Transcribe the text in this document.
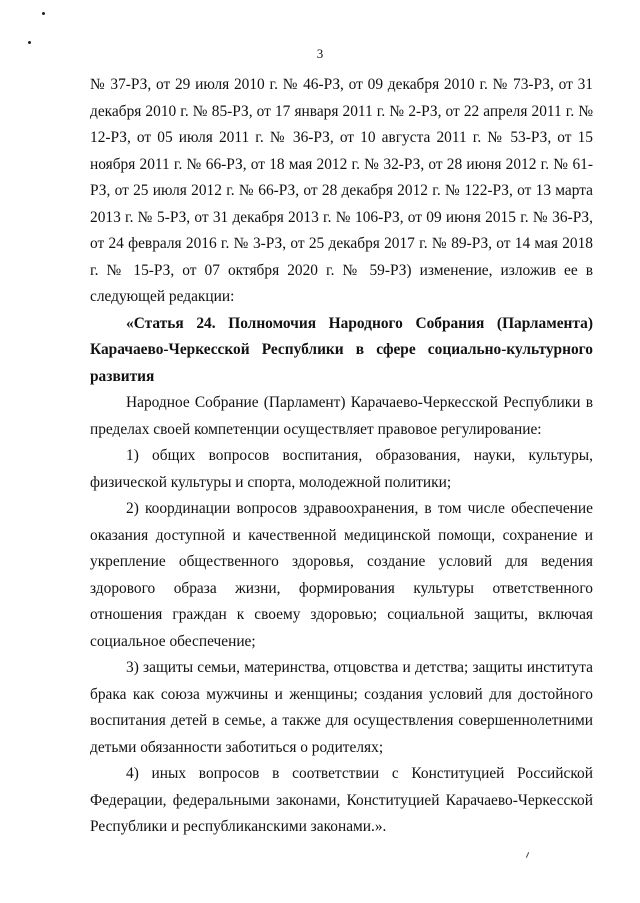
3

№ 37-РЗ, от 29 июля 2010 г. № 46-РЗ, от 09 декабря 2010 г. № 73-РЗ, от 31 декабря 2010 г. № 85-РЗ, от 17 января 2011 г. № 2-РЗ, от 22 апреля 2011 г. № 12-РЗ, от 05 июля 2011 г. № 36-РЗ, от 10 августа 2011 г. № 53-РЗ, от 15 ноября 2011 г. № 66-РЗ, от 18 мая 2012 г. № 32-РЗ, от 28 июня 2012 г. № 61-РЗ, от 25 июля 2012 г. № 66-РЗ, от 28 декабря 2012 г. № 122-РЗ, от 13 марта 2013 г. № 5-РЗ, от 31 декабря 2013 г. № 106-РЗ, от 09 июня 2015 г. № 36-РЗ, от 24 февраля 2016 г. № 3-РЗ, от 25 декабря 2017 г. № 89-РЗ, от 14 мая 2018 г. № 15-РЗ, от 07 октября 2020 г. № 59-РЗ) изменение, изложив ее в следующей редакции:

«Статья 24. Полномочия Народного Собрания (Парламента) Карачаево-Черкесской Республики в сфере социально-культурного развития

Народное Собрание (Парламент) Карачаево-Черкесской Республики в пределах своей компетенции осуществляет правовое регулирование:

1) общих вопросов воспитания, образования, науки, культуры, физической культуры и спорта, молодежной политики;

2) координации вопросов здравоохранения, в том числе обеспечение оказания доступной и качественной медицинской помощи, сохранение и укрепление общественного здоровья, создание условий для ведения здорового образа жизни, формирования культуры ответственного отношения граждан к своему здоровью; социальной защиты, включая социальное обеспечение;

3) защиты семьи, материнства, отцовства и детства; защиты института брака как союза мужчины и женщины; создания условий для достойного воспитания детей в семье, а также для осуществления совершеннолетними детьми обязанности заботиться о родителях;

4) иных вопросов в соответствии с Конституцией Российской Федерации, федеральными законами, Конституцией Карачаево-Черкесской Республики и республиканскими законами.».
